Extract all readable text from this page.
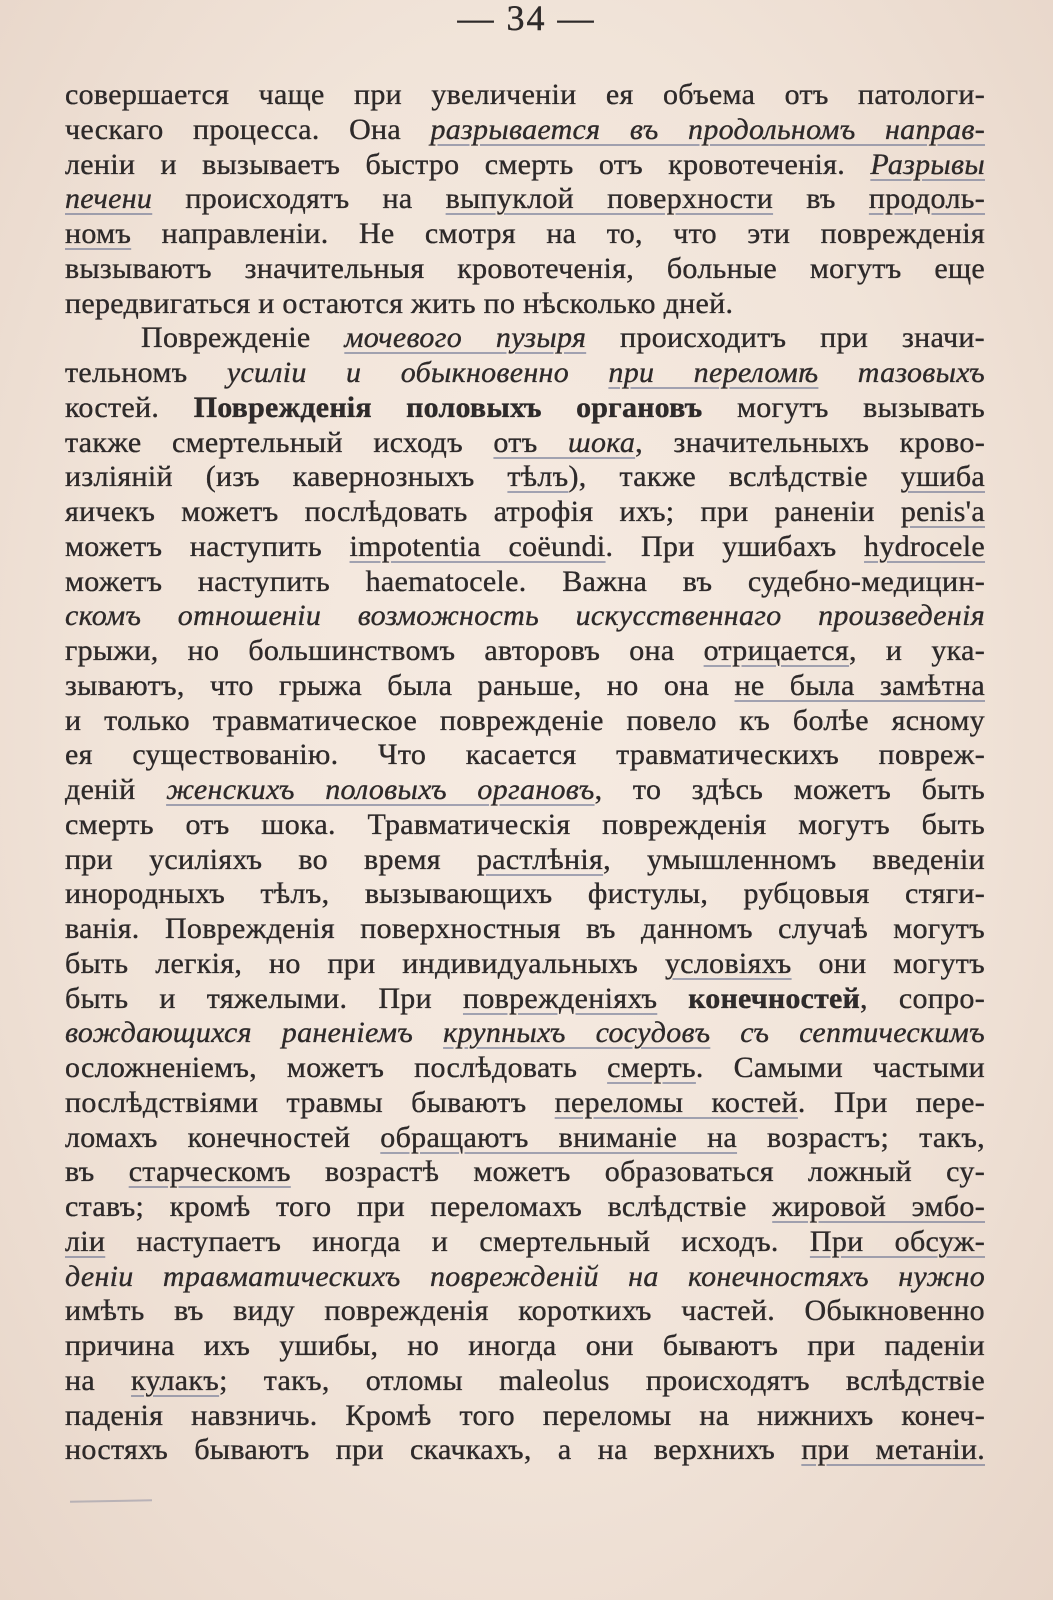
— 34 —
совершается чаще при увеличеніи ея объема отъ патологи-
ческаго процесса. Она разрывается въ продольномъ направ-
леніи и вызываетъ быстро смерть отъ кровотеченія. Разрывы
печени происходятъ на выпуклой поверхности въ продоль-
номъ направленіи. Не смотря на то, что эти поврежденія
вызываютъ значительныя кровотеченія, больные могутъ еще
передвигаться и остаются жить по нѣсколько дней.
Поврежденіе мочевого пузыря происходитъ при значи-
тельномъ усиліи и обыкновенно при переломѣ тазовыхъ
костей. Поврежденія половыхъ органовъ могутъ вызывать
также смертельный исходъ отъ шока, значительныхъ крово-
изліяній (изъ кавернозныхъ тѣлъ), также вслѣдствіе ушиба
яичекъ можетъ послѣдовать атрофія ихъ; при раненіи penis'а
можетъ наступить impotentia coëundi. При ушибахъ hydrocele
можетъ наступить haematocele. Важна въ судебно-медицин-
скомъ отношеніи возможность искусственнаго произведенія
грыжи, но большинствомъ авторовъ она отрицается, и ука-
зываютъ, что грыжа была раньше, но она не была замѣтна
и только травматическое поврежденіе повело къ болѣе ясному
ея существованію. Что касается травматическихъ повреж-
деній женскихъ половыхъ органовъ, то здѣсь можетъ быть
смерть отъ шока. Травматическія поврежденія могутъ быть
при усиліяхъ во время растлѣнія, умышленномъ введеніи
инородныхъ тѣлъ, вызывающихъ фистулы, рубцовыя стяги-
ванія. Поврежденія поверхностныя въ данномъ случаѣ могутъ
быть легкія, но при индивидуальныхъ условіяхъ они могутъ
быть и тяжелыми. При поврежденіяхъ конечностей, сопро-
вождающихся раненіемъ крупныхъ сосудовъ съ септическимъ
осложненіемъ, можетъ послѣдовать смерть. Самыми частыми
послѣдствіями травмы бываютъ переломы костей. При пере-
ломахъ конечностей обращаютъ вниманіе на возрастъ; такъ,
въ старческомъ возрастѣ можетъ образоваться ложный су-
ставъ; кромѣ того при переломахъ вслѣдствіе жировой эмбо-
ліи наступаетъ иногда и смертельный исходъ. При обсуж-
деніи травматическихъ поврежденій на конечностяхъ нужно
имѣть въ виду поврежденія короткихъ частей. Обыкновенно
причина ихъ ушибы, но иногда они бываютъ при паденіи
на кулакъ; такъ, отломы maleolus происходятъ вслѣдствіе
паденія навзничь. Кромѣ того переломы на нижнихъ конеч-
ностяхъ бываютъ при скачкахъ, а на верхнихъ при метаніи.
